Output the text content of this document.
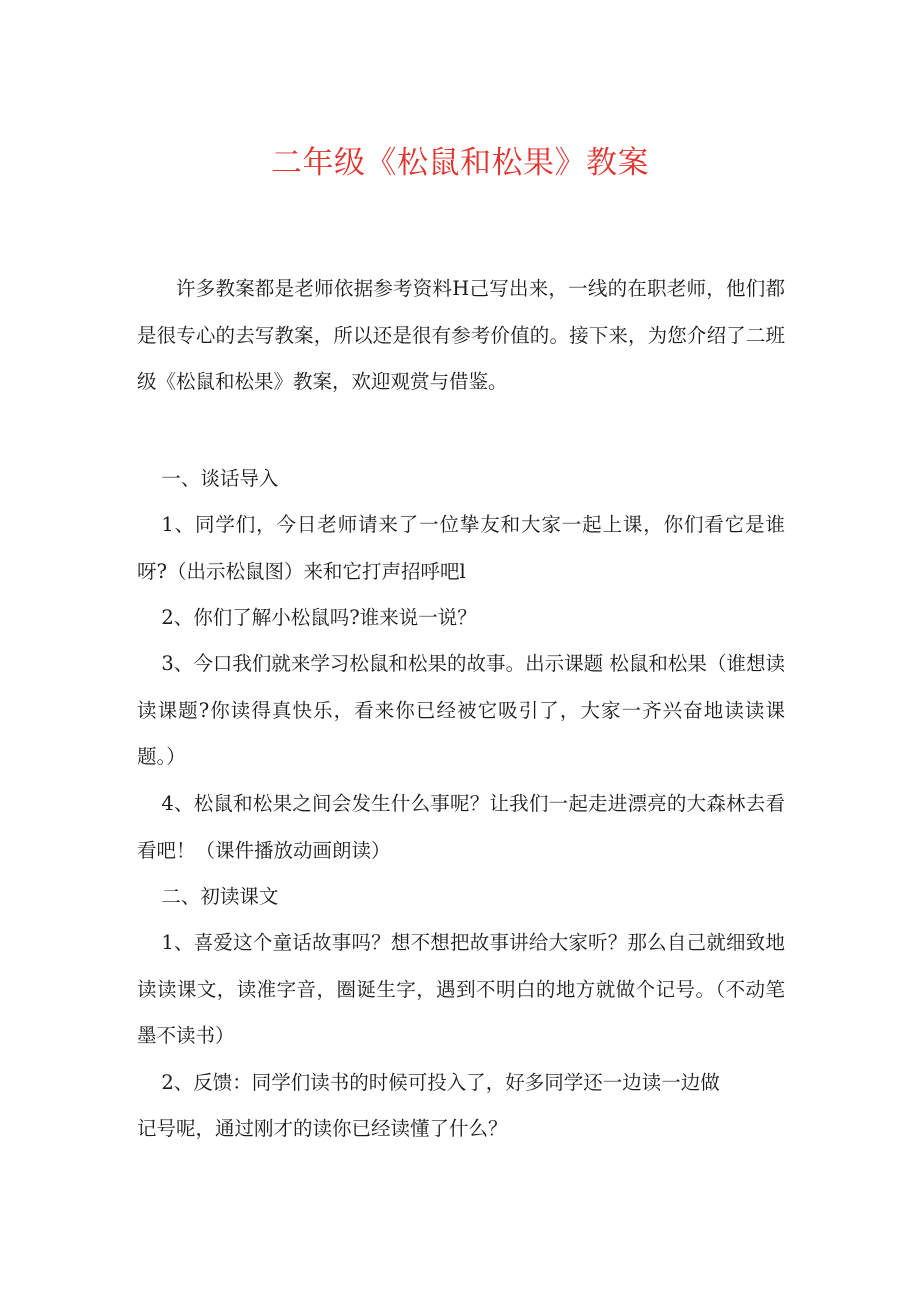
二年级《松鼠和松果》教案

许多教案都是老师依据参考资料H己写出来，一线的在职老师，他们都是很专心的去写教案，所以还是很有参考价值的。接下来，为您介绍了二班级《松鼠和松果》教案，欢迎观赏与借鉴。

一、谈话导入

1、同学们，今日老师请来了一位挚友和大家一起上课，你们看它是谁呀?（出示松鼠图）来和它打声招呼吧l

2、你们了解小松鼠吗?谁来说一说？

3、今口我们就来学习松鼠和松果的故事。出示课题 松鼠和松果（谁想读读课题?你读得真快乐，看来你已经被它吸引了，大家一齐兴奋地读读课题。）

4、松鼠和松果之间会发生什么事呢？让我们一起走进漂亮的大森林去看看吧！（课件播放动画朗读）

二、初读课文

1、喜爱这个童话故事吗？想不想把故事讲给大家听？那么自己就细致地读读课文，读准字音，圈诞生字，遇到不明白的地方就做个记号。（不动笔墨不读书）

2、反馈：同学们读书的时候可投入了，好多同学还一边读一边做

记号呢，通过刚才的读你已经读懂了什么？
